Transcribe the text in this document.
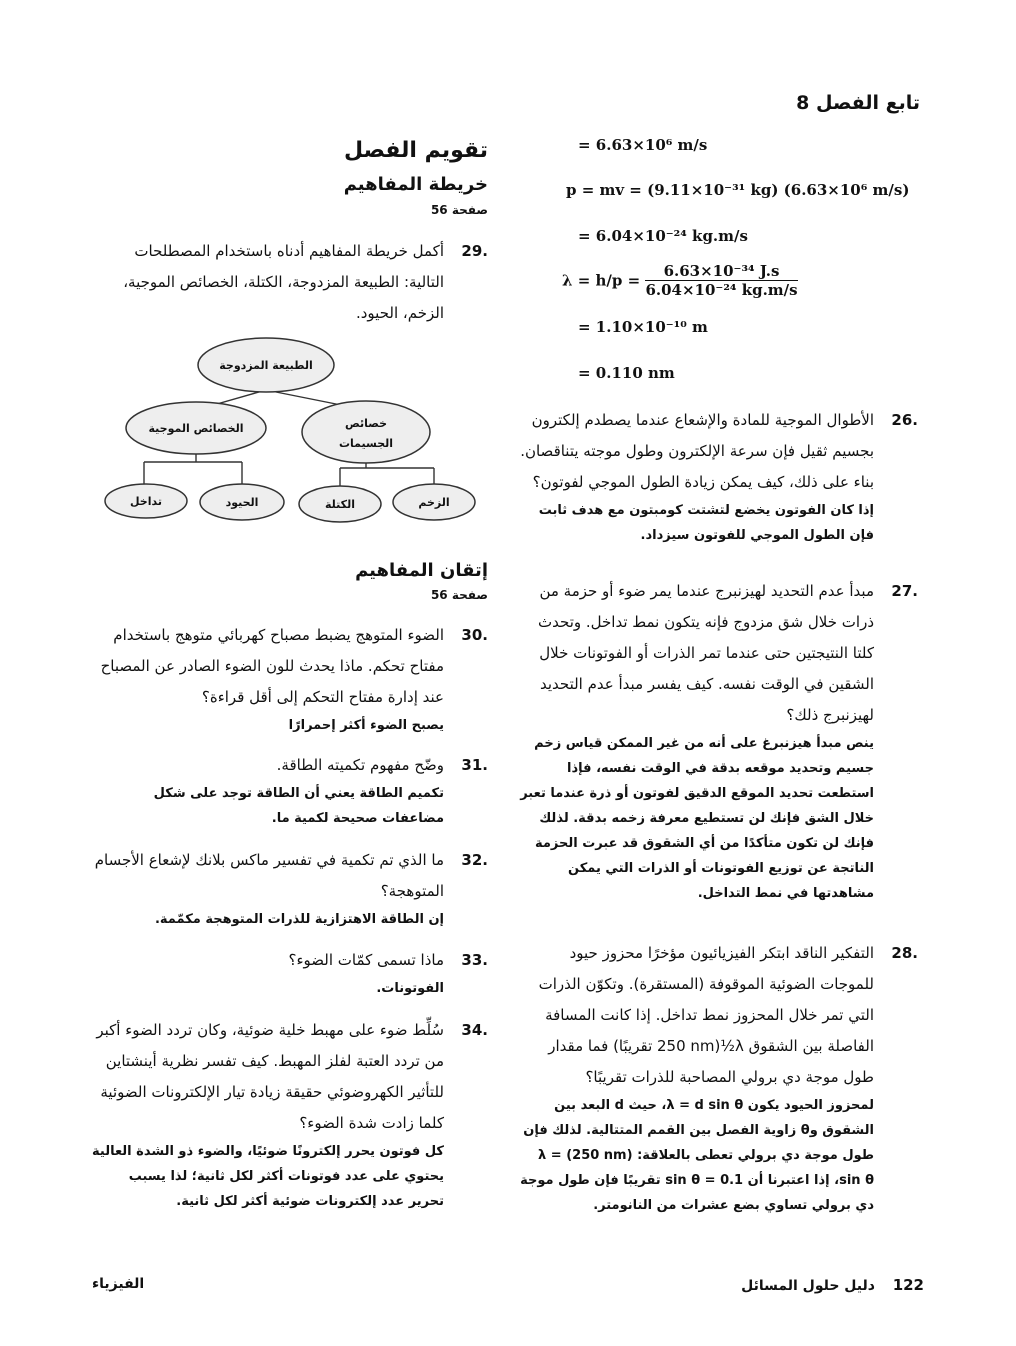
تابع الفصل 8
= 6.63×10⁶ m/s
p = mv = (9.11×10⁻³¹ kg) (6.63×10⁶ m/s)
= 6.04×10⁻²⁴ kg.m/s
$\lambda = h/p = \frac{\text{6.63×10⁻³⁴ J.s}}{\text{6.04×10⁻²⁴ kg.m/s}}$
= 1.10×10⁻¹⁰ m
= 0.110 nm
.26
الأطوال الموجية للمادة والإشعاع عندما يصطدم إلكترون بجسيم ثقيل فإن سرعة الإلكترون وطول موجته يتناقصان. بناء على ذلك، كيف يمكن زيادة الطول الموجي لفوتون؟
إذا كان الفوتون يخضع لتشتت كومبتون مع هدف ثابت فإن الطول الموجي للفوتون سيزداد.
.27
مبدأ عدم التحديد لهيزنبرج عندما يمر ضوء أو حزمة من ذرات خلال شق مزدوج فإنه يتكون نمط تداخل. وتحدث كلتا النتيجتين حتى عندما تمر الذرات أو الفوتونات خلال الشقين في الوقت نفسه. كيف يفسر مبدأ عدم التحديد لهيزنبرج ذلك؟
ينص مبدأ هيزنبرغ على أنه من غير الممكن قياس زخم جسيم وتحديد موقعه بدقة في الوقت نفسه، فإذا استطعت تحديد الموقع الدقيق لفوتون أو ذرة عندما تعبر خلال الشق فإنك لن تستطيع معرفة زخمه بدقة. لذلك فإنك لن تكون متأكدًا من أي الشقوق قد عبرت الحزمة الناتجة عن توزيع الفوتونات أو الذرات التي يمكن مشاهدتها في نمط التداخل.
.28
التفكير الناقد ابتكر الفيزيائيون مؤخرًا محزوز حيود للموجات الضوئية الموقوفة (المستقرة). وتكوّن الذرات التي تمر خلال المحزوز نمط تداخل. إذا كانت المسافة الفاصلة بين الشقوق λ½(250 nm تقريبًا) فما مقدار طول موجة دي برولي المصاحبة للذرات تقريبًا؟
لمحزوز الحيود يكون λ = d sin θ، حيث d البعد بين الشقوق وθ زاوية الفصل بين القمم المتتالية. لذلك فإن طول موجة دي برولي تعطى بالعلاقة: λ = (250 nm) sin θ، إذا اعتبرنا أن sin θ = 0.1 تقريبًا فإن طول موجة دي برولي تساوي بضع عشرات من النانومتر.
تقويم الفصل
خريطة المفاهيم
صفحة 56
.29
أكمل خريطة المفاهيم أدناه باستخدام المصطلحات التالية: الطبيعة المزدوجة، الكتلة، الخصائص الموجية، الزخم، الحيود.
الطبيعة المزدوجة
الخصائص الموجية	خصائص
الجسيمات
تداخل	الحيود	الكتلة	الزخم
إتقان المفاهيم
صفحة 56
.30
الضوء المتوهج يضبط مصباح كهربائي متوهج باستخدام مفتاح تحكم. ماذا يحدث للون الضوء الصادر عن المصباح عند إدارة مفتاح التحكم إلى أقل قراءة؟
يصبح الضوء أكثر إحمرارًا
.31
وضّح مفهوم تكميته الطاقة.
تكميم الطاقة يعني أن الطاقة توجد على شكل مضاعفات صحيحة لكمية ما.
.32
ما الذي تم تكمية في تفسير ماكس بلانك لإشعاع الأجسام المتوهجة؟
إن الطاقة الاهتزازية للذرات المتوهجة مكمّمة.
.33
ماذا تسمى كمّات الضوء؟
الفوتونات.
.34
سُلِّط ضوء على مهبط خلية ضوئية، وكان تردد الضوء أكبر من تردد العتبة لفلز المهبط. كيف تفسر نظرية أينشتاين للتأثير الكهروضوئي حقيقة زيادة تيار الإلكترونات الضوئية كلما زادت شدة الضوء؟
كل فوتون يحرر إلكترونًا ضوئيًا، والضوء ذو الشدة العالية يحتوي على عدد فوتونات أكثر لكل ثانية؛ لذا يسبب تحرير عدد إلكترونات ضوئية أكثر لكل ثانية.
122  دليل حلول المسائل
الفيزياء
